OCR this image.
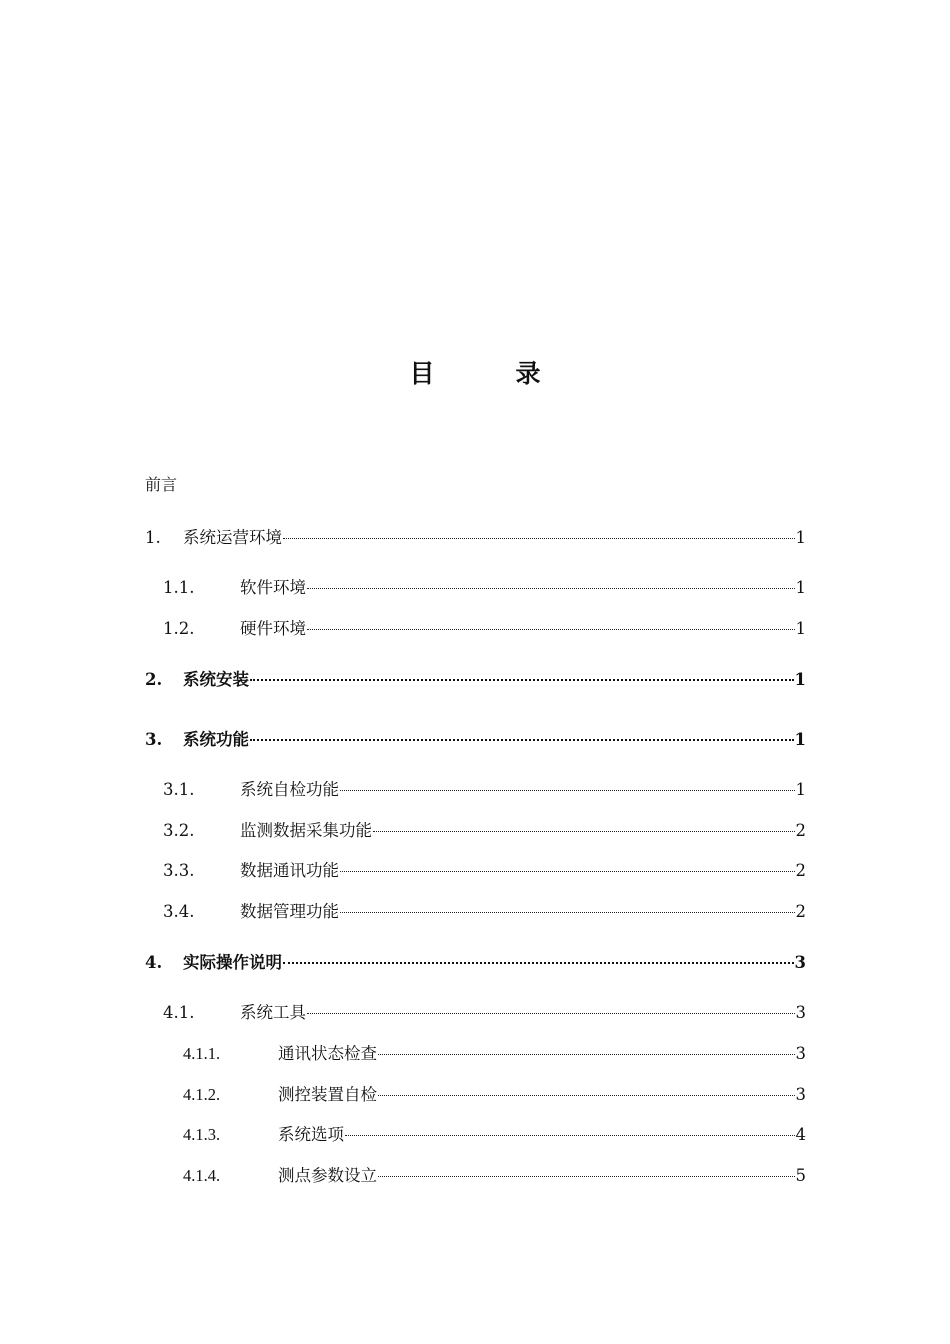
目　录
前言
1.	系统运营环境	1
1.1.	软件环境	1
1.2.	硬件环境	1
2.	系统安装	1
3.	系统功能	1
3.1.	系统自检功能	1
3.2.	监测数据采集功能	2
3.3.	数据通讯功能	2
3.4.	数据管理功能	2
4.	实际操作说明	3
4.1.	系统工具	3
4.1.1.	通讯状态检查	3
4.1.2.	测控装置自检	3
4.1.3.	系统选项	4
4.1.4.	测点参数设立	5
